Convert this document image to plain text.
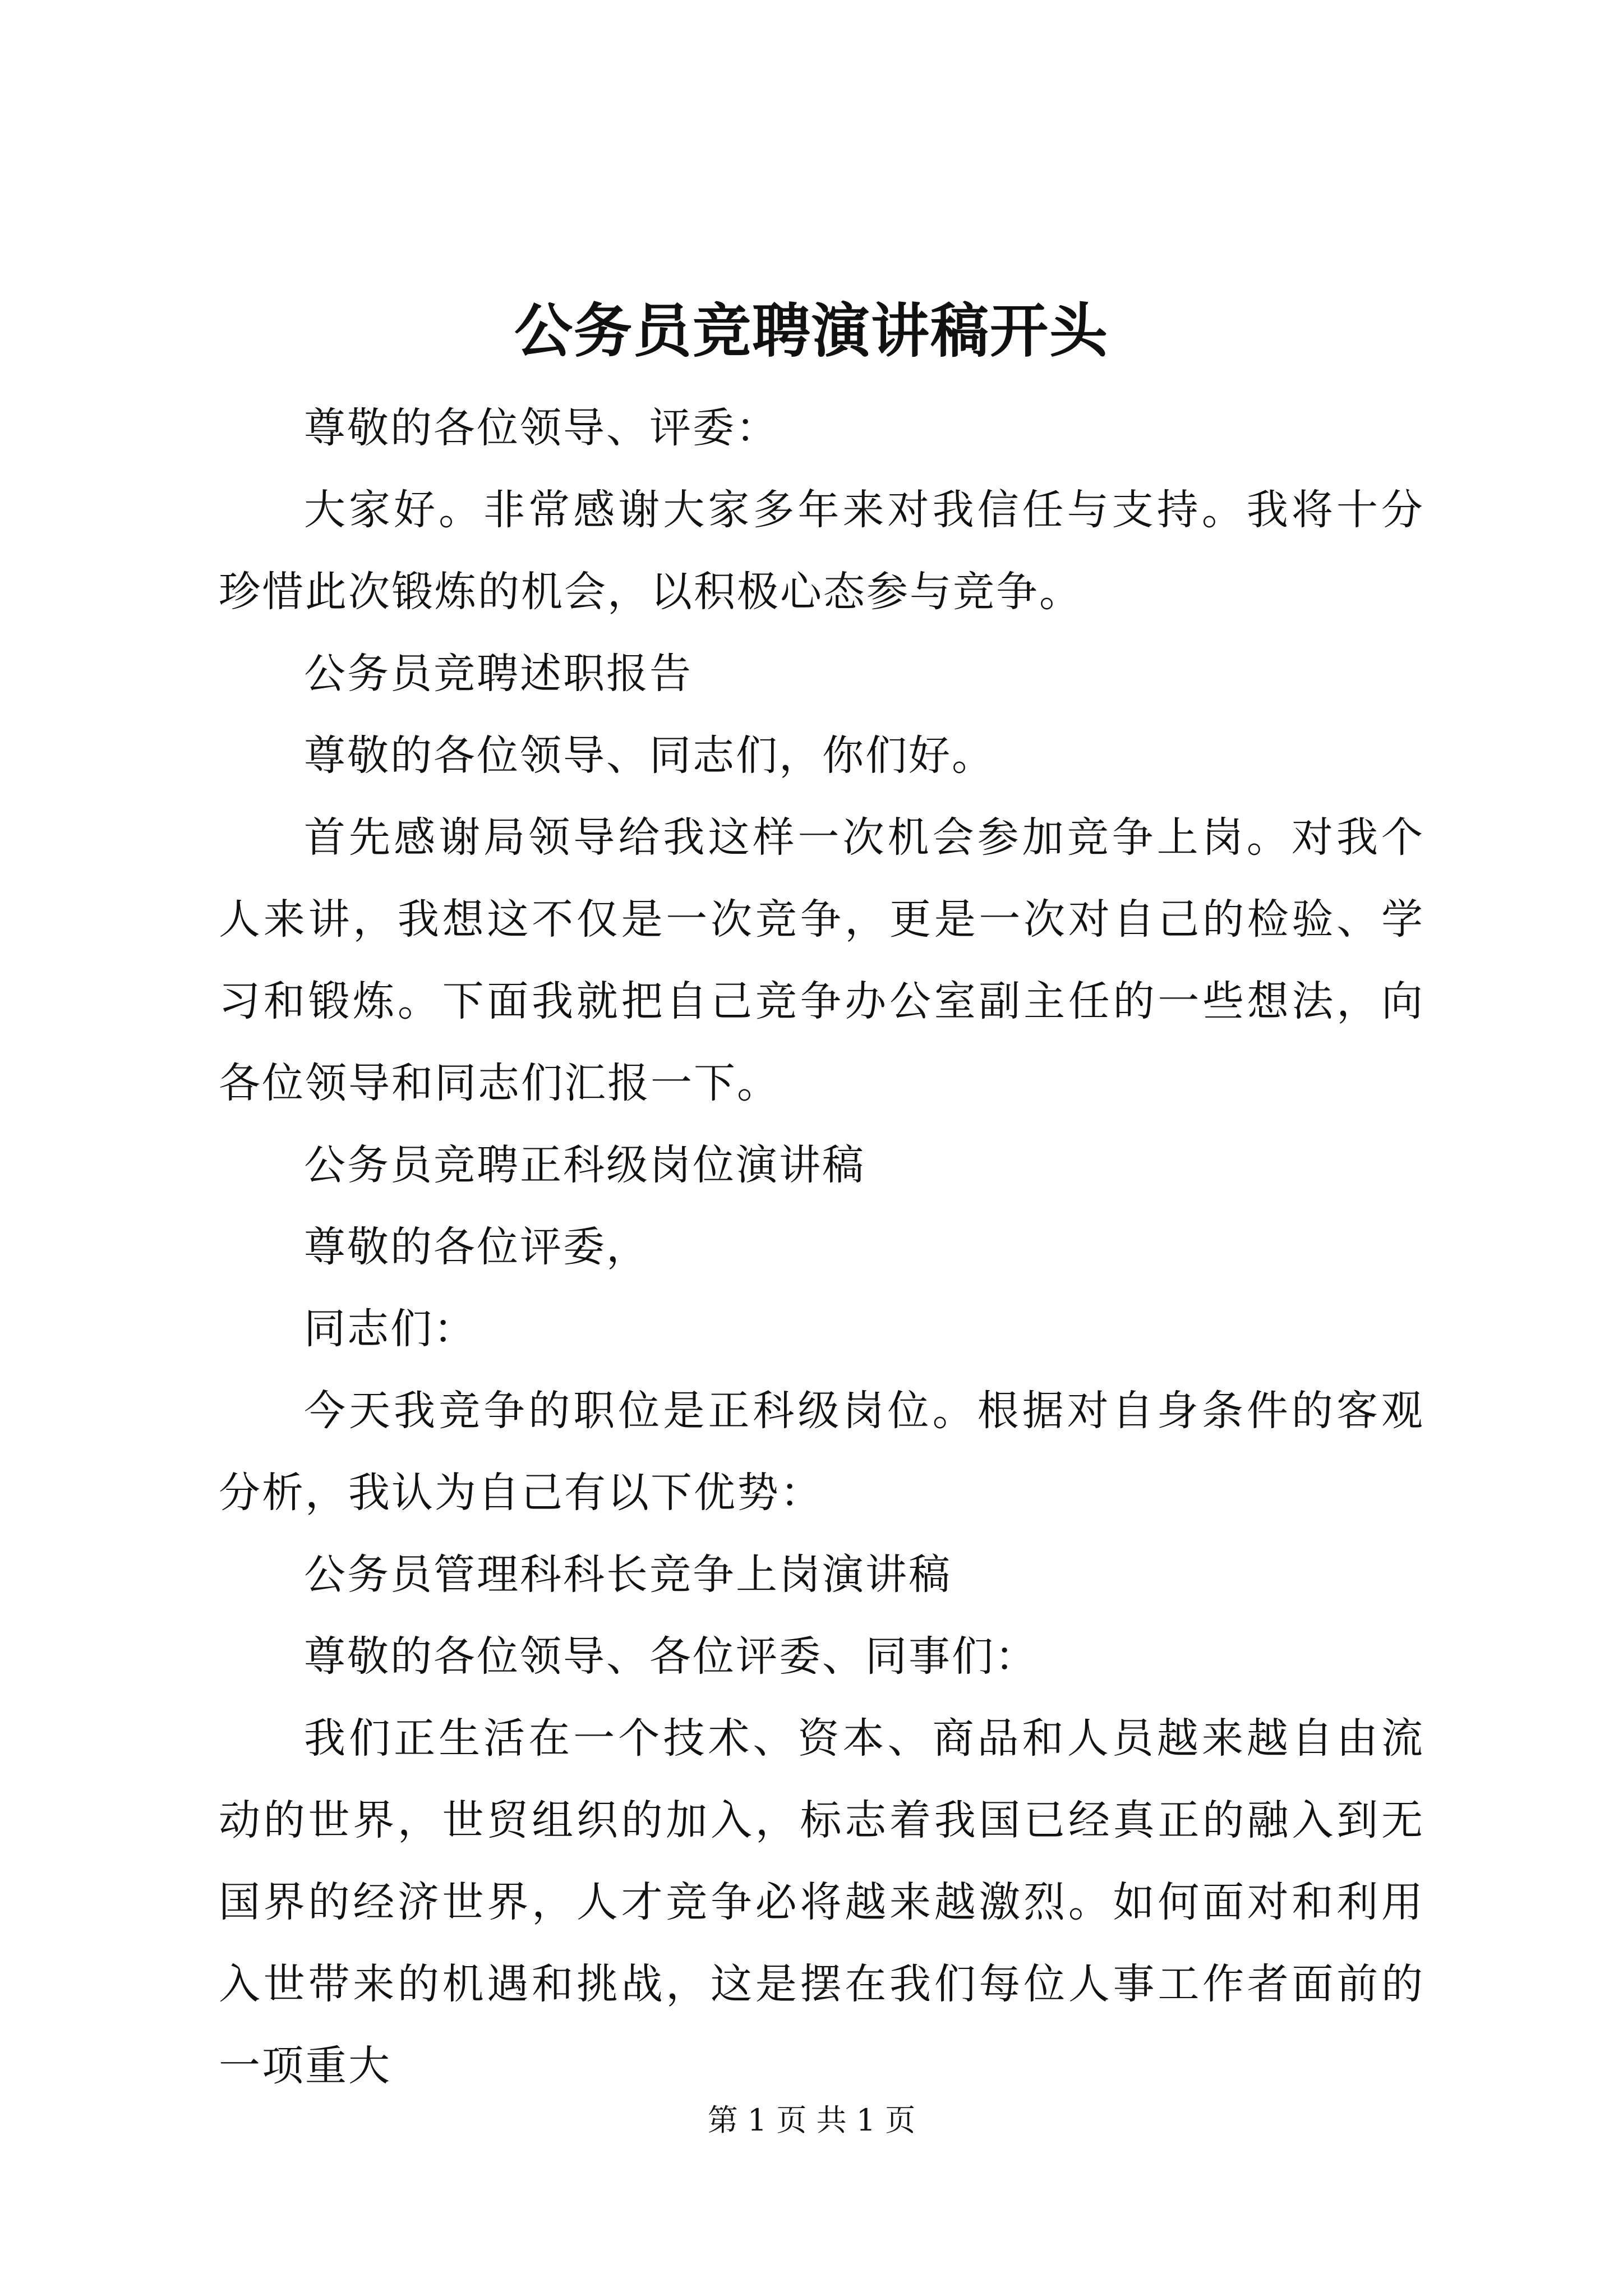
公务员竞聘演讲稿开头

尊敬的各位领导、评委：

大家好。非常感谢大家多年来对我信任与支持。我将十分珍惜此次锻炼的机会，以积极心态参与竞争。

公务员竞聘述职报告

尊敬的各位领导、同志们，你们好。

首先感谢局领导给我这样一次机会参加竞争上岗。对我个人来讲，我想这不仅是一次竞争，更是一次对自己的检验、学习和锻炼。下面我就把自己竞争办公室副主任的一些想法，向各位领导和同志们汇报一下。

公务员竞聘正科级岗位演讲稿

尊敬的各位评委，

同志们：

今天我竞争的职位是正科级岗位。根据对自身条件的客观分析，我认为自己有以下优势：

公务员管理科科长竞争上岗演讲稿

尊敬的各位领导、各位评委、同事们：

我们正生活在一个技术、资本、商品和人员越来越自由流动的世界，世贸组织的加入，标志着我国已经真正的融入到无国界的经济世界，人才竞争必将越来越激烈。如何面对和利用入世带来的机遇和挑战，这是摆在我们每位人事工作者面前的一项重大

第 1 页 共 1 页
